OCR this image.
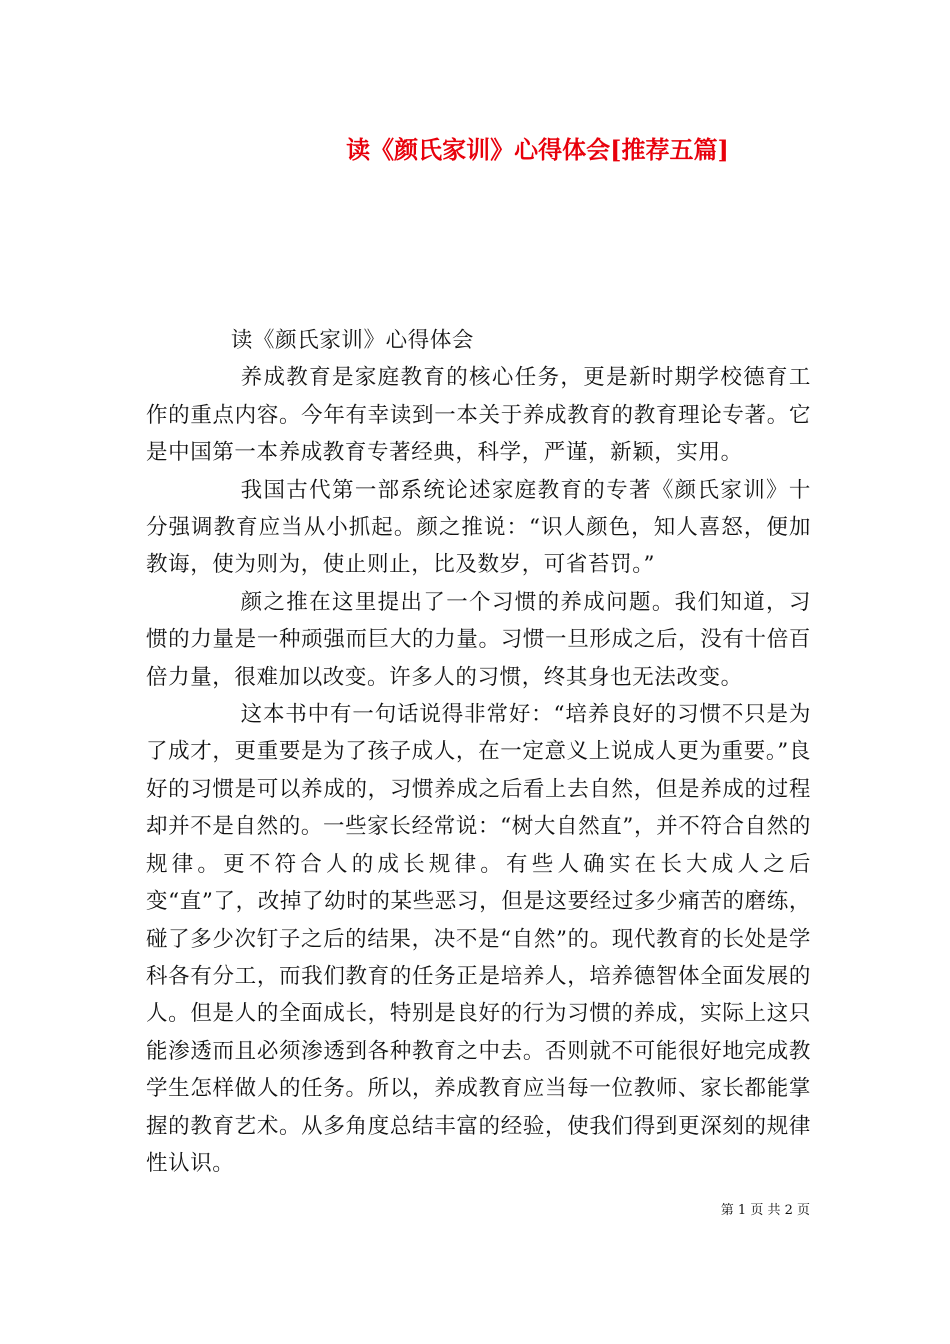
读《颜氏家训》心得体会[推荐五篇]

读《颜氏家训》心得体会

养成教育是家庭教育的核心任务，更是新时期学校德育工作的重点内容。今年有幸读到一本关于养成教育的教育理论专著。它是中国第一本养成教育专著经典，科学，严谨，新颖，实用。

我国古代第一部系统论述家庭教育的专著《颜氏家训》十分强调教育应当从小抓起。颜之推说：“识人颜色，知人喜怒，便加教诲，使为则为，使止则止，比及数岁，可省苔罚。”

颜之推在这里提出了一个习惯的养成问题。我们知道，习惯的力量是一种顽强而巨大的力量。习惯一旦形成之后，没有十倍百倍力量，很难加以改变。许多人的习惯，终其身也无法改变。

这本书中有一句话说得非常好：“培养良好的习惯不只是为了成才，更重要是为了孩子成人，在一定意义上说成人更为重要。”良好的习惯是可以养成的，习惯养成之后看上去自然，但是养成的过程却并不是自然的。一些家长经常说：“树大自然直”，并不符合自然的规律。更不符合人的成长规律。有些人确实在长大成人之后变“直”了，改掉了幼时的某些恶习，但是这要经过多少痛苦的磨练，碰了多少次钉子之后的结果，决不是“自然”的。现代教育的长处是学科各有分工，而我们教育的任务正是培养人，培养德智体全面发展的人。但是人的全面成长，特别是良好的行为习惯的养成，实际上这只能渗透而且必须渗透到各种教育之中去。否则就不可能很好地完成教学生怎样做人的任务。所以，养成教育应当每一位教师、家长都能掌握的教育艺术。从多角度总结丰富的经验，使我们得到更深刻的规律性认识。

第 1 页 共 2 页
